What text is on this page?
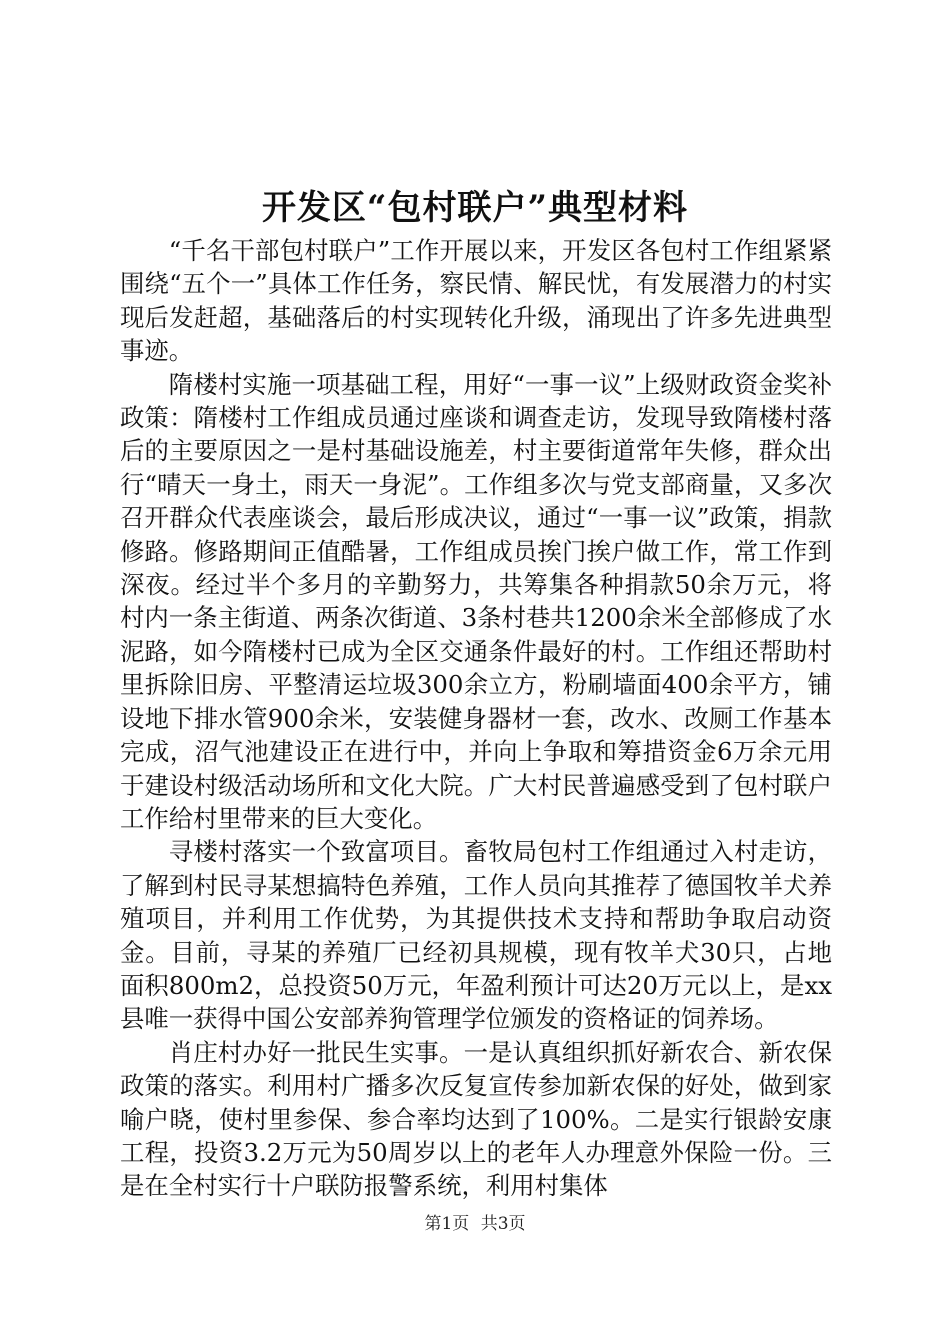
开发区“包村联户”典型材料

“千名干部包村联户”工作开展以来，开发区各包村工作组紧紧围绕“五个一”具体工作任务，察民情、解民忧，有发展潜力的村实现后发赶超，基础落后的村实现转化升级，涌现出了许多先进典型事迹。

隋楼村实施一项基础工程，用好“一事一议”上级财政资金奖补政策：隋楼村工作组成员通过座谈和调查走访，发现导致隋楼村落后的主要原因之一是村基础设施差，村主要街道常年失修，群众出行“晴天一身土，雨天一身泥”。工作组多次与党支部商量，又多次召开群众代表座谈会，最后形成决议，通过“一事一议”政策，捐款修路。修路期间正值酷暑，工作组成员挨门挨户做工作，常工作到深夜。经过半个多月的辛勤努力，共筹集各种捐款50余万元，将村内一条主街道、两条次街道、3条村巷共1200余米全部修成了水泥路，如今隋楼村已成为全区交通条件最好的村。工作组还帮助村里拆除旧房、平整清运垃圾300余立方，粉刷墙面400余平方，铺设地下排水管900余米，安装健身器材一套，改水、改厕工作基本完成，沼气池建设正在进行中，并向上争取和筹措资金6万余元用于建设村级活动场所和文化大院。广大村民普遍感受到了包村联户工作给村里带来的巨大变化。

寻楼村落实一个致富项目。畜牧局包村工作组通过入村走访，了解到村民寻某想搞特色养殖，工作人员向其推荐了德国牧羊犬养殖项目，并利用工作优势，为其提供技术支持和帮助争取启动资金。目前，寻某的养殖厂已经初具规模，现有牧羊犬30只，占地面积800m2，总投资50万元，年盈利预计可达20万元以上，是xx县唯一获得中国公安部养狗管理学位颁发的资格证的饲养场。

肖庄村办好一批民生实事。一是认真组织抓好新农合、新农保政策的落实。利用村广播多次反复宣传参加新农保的好处，做到家喻户晓，使村里参保、参合率均达到了100%。二是实行银龄安康工程，投资3.2万元为50周岁以上的老年人办理意外保险一份。三是在全村实行十户联防报警系统，利用村集体

第1页 共3页
